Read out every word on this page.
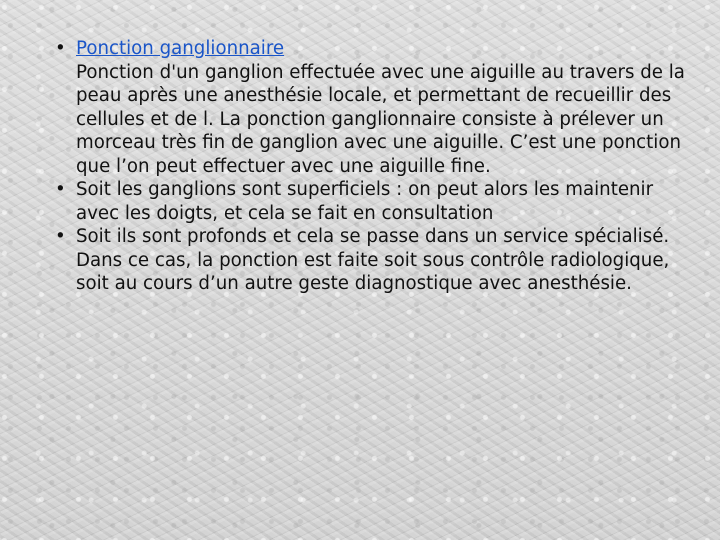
• Ponction ganglionnaire
Ponction d'un ganglion effectuée avec une aiguille au travers de la peau après une anesthésie locale, et permettant de recueillir des cellules et de l. La ponction ganglionnaire consiste à prélever un morceau très fin de ganglion avec une aiguille. C’est une ponction que l’on peut effectuer avec une aiguille fine.
• Soit les ganglions sont superficiels : on peut alors les maintenir avec les doigts, et cela se fait en consultation
• Soit ils sont profonds et cela se passe dans un service spécialisé. Dans ce cas, la ponction est faite soit sous contrôle radiologique, soit au cours d’un autre geste diagnostique avec anesthésie.
